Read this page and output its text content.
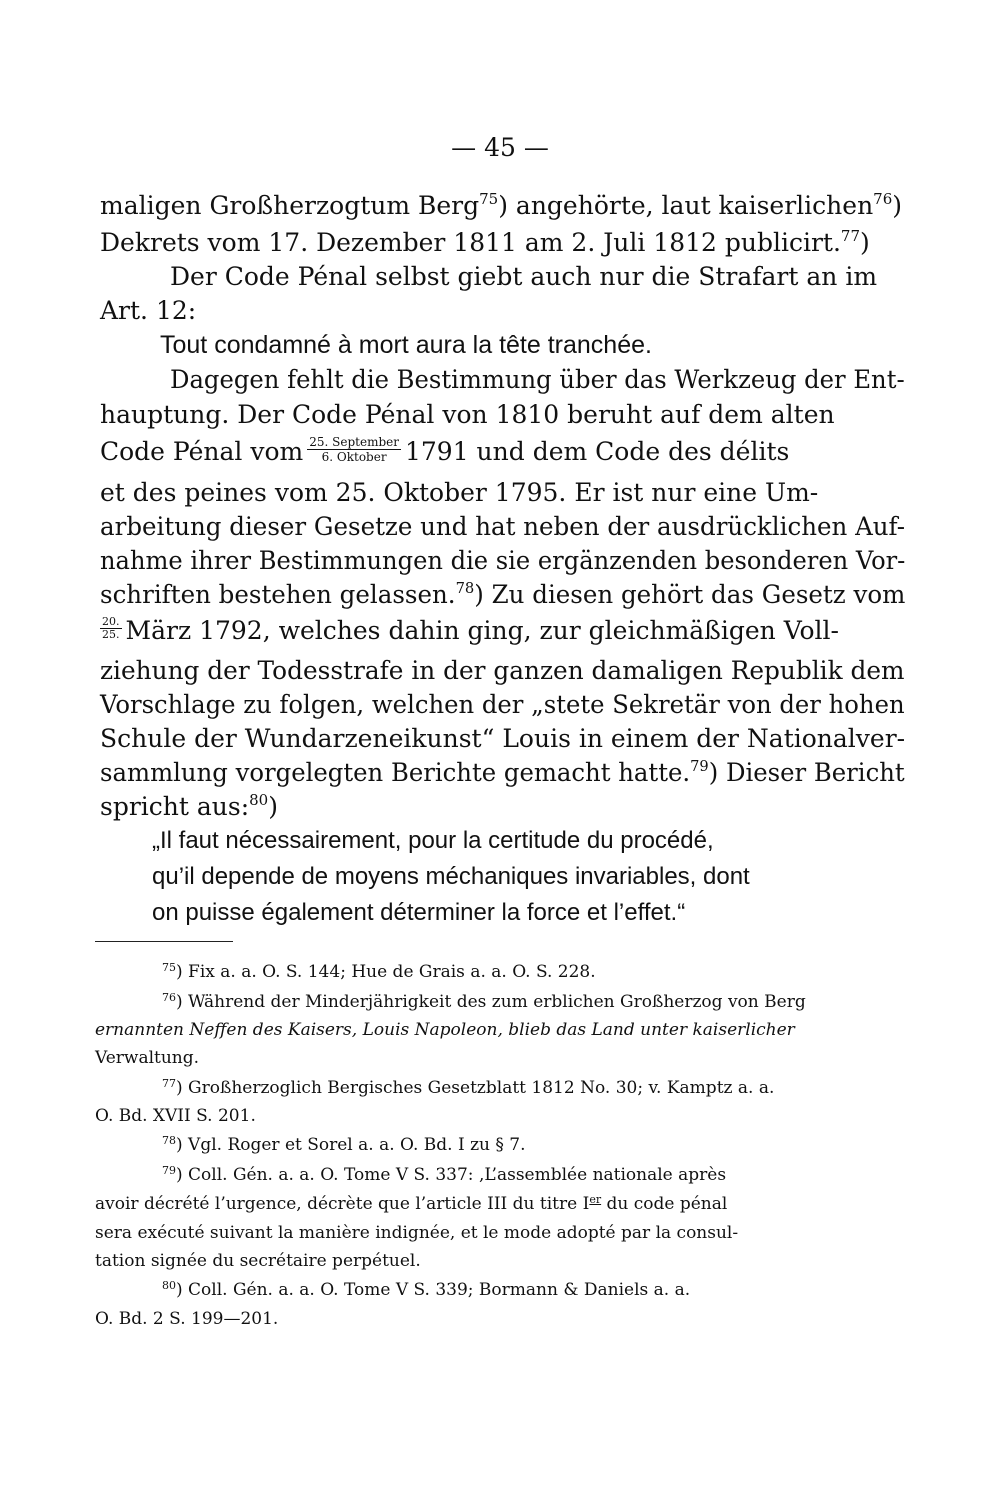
— 45 —
maligen Großherzogtum Berg$^{75}$) angehörte, laut kaiserlichen$^{76}$)
Dekrets vom 17. Dezember 1811 am 2. Juli 1812 publicirt.$^{77}$)
Der Code Pénal selbst giebt auch nur die Strafart an im
Art. 12:
Tout condamné à mort aura la tête tranchée.
Dagegen fehlt die Bestimmung über das Werkzeug der Ent-
hauptung. Der Code Pénal von 1810 beruht auf dem alten
Code Pénal vom $\frac{\text{25. September}}{\text{6. Oktober}} 1791$ und dem Code des délits
et des peines vom 25. Oktober 1795. Er ist nur eine Um-
arbeitung dieser Gesetze und hat neben der ausdrücklichen Auf-
nahme ihrer Bestimmungen die sie ergänzenden besonderen Vor-
schriften bestehen gelassen.$^{78}$) Zu diesen gehört das Gesetz vom
$\frac{20.}{25.}$ März 1792, welches dahin ging, zur gleichmäßigen Voll-
ziehung der Todesstrafe in der ganzen damaligen Republik dem
Vorschlage zu folgen, welchen der „stete Sekretär von der hohen
Schule der Wundarzeneikunst“ Louis in einem der Nationalver-
sammlung vorgelegten Berichte gemacht hatte.$^{79}$) Dieser Bericht
spricht aus:$^{80}$)
„Il faut nécessairement, pour la certitude du procédé,
qu’il depende de moyens méchaniques invariables, dont
on puisse également déterminer la force et l’effet.“
$^{75}$) Fix a. a. O. S. 144; Hue de Grais a. a. O. S. 228.
$^{76}$) Während der Minderjährigkeit des zum erblichen Großherzog von Berg
ernannten Neffen des Kaisers, Louis Napoleon, blieb das Land unter kaiserlicher
Verwaltung.
$^{77}$) Großherzoglich Bergisches Gesetzblatt 1812 No. 30; v. Kamptz a. a.
O. Bd. XVII S. 201.
$^{78}$) Vgl. Roger et Sorel a. a. O. Bd. I zu § 7.
$^{79}$) Coll. Gén. a. a. O. Tome V S. 337: ‚L’assemblée nationale après
avoir décrété l’urgence, décrète que l’article III du titre Ier du code pénal
sera exécuté suivant la manière indignée, et le mode adopté par la consul-
tation signée du secrétaire perpétuel.
$^{80}$) Coll. Gén. a. a. O. Tome V S. 339; Bormann & Daniels a. a.
O. Bd. 2 S. 199—201.
